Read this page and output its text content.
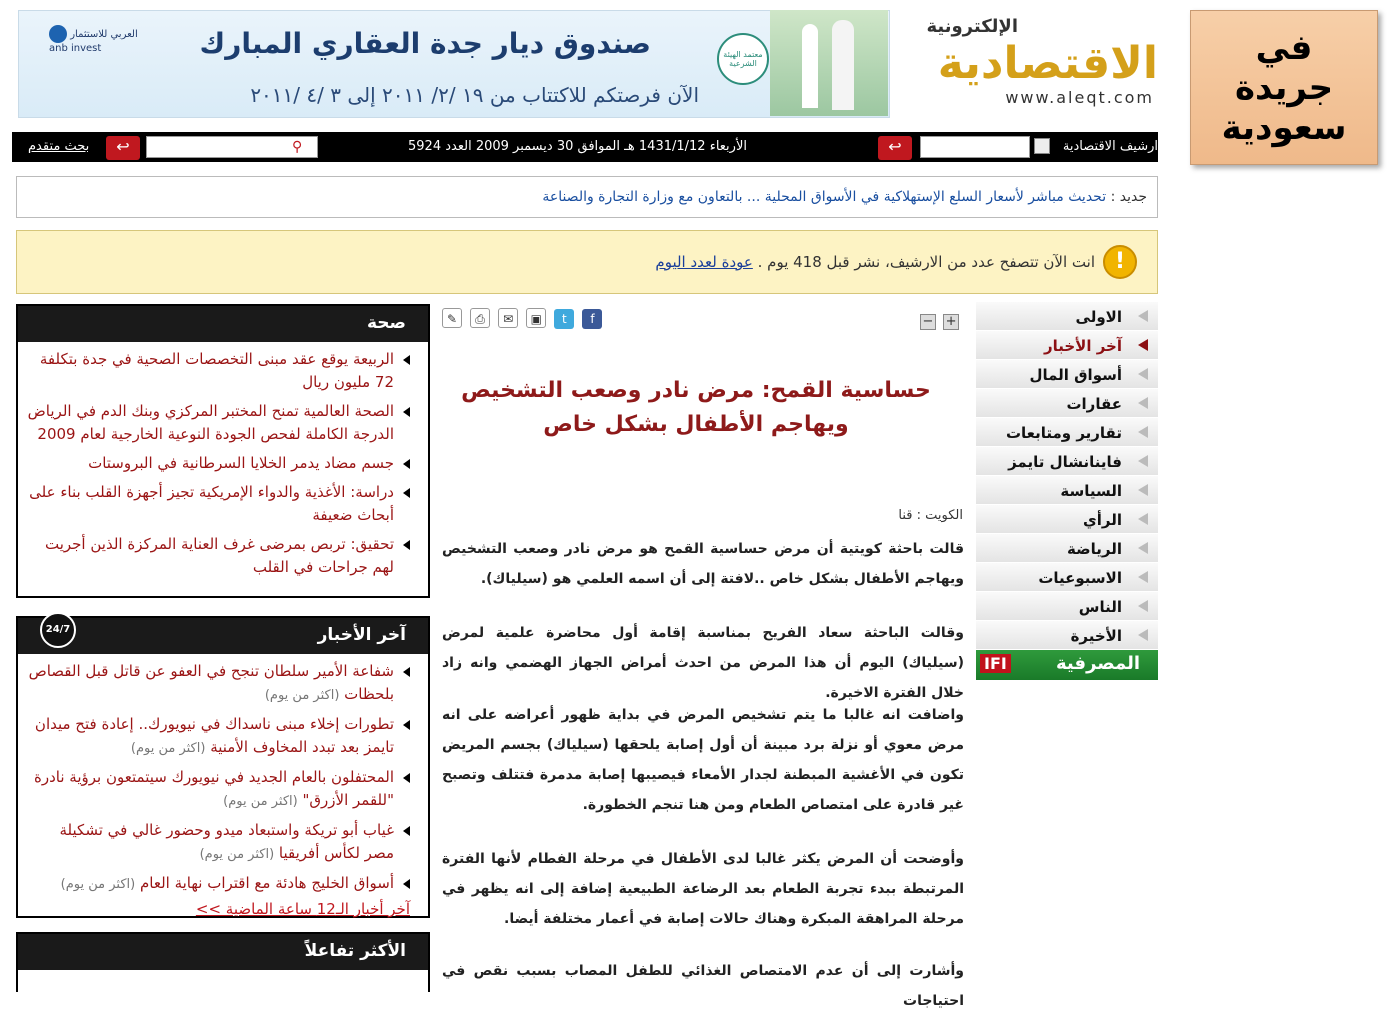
في
جريدة
سعودية
العربي للاستثمار
anb invest	صندوق ديار جدة العقاري المبارك
الآن فرصتكم للاكتتاب من ١٩ /٢/ ٢٠١١ إلى ٣ /٤ /٢٠١١
معتمد الهيئة الشرعية
الإلكترونية
الاقتصادية
www.aleqt.com
ارشيف الاقتصادية
↩
الأربعاء 1431/1/12 هـ الموافق 30 ديسمبر 2009 العدد 5924
⚲
↩
بحث متقدم
جديد : تحديث مباشر لأسعار السلع الإستهلاكية في الأسواق المحلية ... بالتعاون مع وزارة التجارة والصناعة
!
انت الآن تتصفح عدد من الارشيف، نشر قبل 418 يوم . عودة لعدد اليوم
الاولى
آخر الأخبار
أسواق المال
عقارات
تقارير ومتابعات
فاينانشال تايمز
السياسة
الرأي
الرياضة
الاسبوعيات
الناس
الأخيرة
المصرفية
IFI
✎ ⎙ ✉ ▣ t f	− +
حساسية القمح: مرض نادر وصعب التشخيص ويهاجم الأطفال بشكل خاص
الكويت : قنا
قالت باحثة كويتية أن مرض حساسية القمح هو مرض نادر وصعب التشخيص ويهاجم الأطفال بشكل خاص ..لافتة إلى أن اسمه العلمي هو (سيلياك).
وقالت الباحثة سعاد الفريح بمناسبة إقامة أول محاضرة علمية لمرض (سيلياك) اليوم أن هذا المرض من احدث أمراض الجهاز الهضمي وانه زاد خلال الفترة الاخيرة.
واضافت انه غالبا ما يتم تشخيص المرض في بداية ظهور أعراضه على انه مرض معوي أو نزلة برد مبينة أن أول إصابة يلحقها (سيلياك) بجسم المريض تكون في الأغشية المبطنة لجدار الأمعاء فيصيبها إصابة مدمرة فتتلف وتصبح غير قادرة على امتصاص الطعام ومن هنا تنجم الخطورة.
وأوضحت أن المرض يكثر غالبا لدى الأطفال في مرحلة الفطام لأنها الفترة المرتبطة ببدء تجربة الطعام بعد الرضاعة الطبيعية إضافة إلى انه يظهر في مرحلة المراهقة المبكرة وهناك حالات إصابة في أعمار مختلفة أيضا.
وأشارت إلى أن عدم الامتصاص الغذائي للطفل المصاب بسبب نقص في احتياجات
صحة
الربيعة يوقع عقد مبنى التخصصات الصحية في جدة بتكلفة 72 مليون ريال
الصحة العالمية تمنح المختبر المركزي وبنك الدم في الرياض الدرجة الكاملة لفحص الجودة النوعية الخارجية لعام 2009
جسم مضاد يدمر الخلايا السرطانية في البروستات
دراسة: الأغذية والدواء الإمريكية تجيز أجهزة القلب بناء على أبحاث ضعيفة
تحقيق: تربص بمرضى غرف العناية المركزة الذين أجريت لهم جراحات في القلب
آخر الأخبار
24/7
شفاعة الأمير سلطان تنجح في العفو عن قاتل قبل القصاص بلحظات (اكثر من يوم)
تطورات إخلاء مبنى ناسداك في نيويورك.. إعادة فتح ميدان تايمز بعد تبدد المخاوف الأمنية (اكثر من يوم)
المحتفلون بالعام الجديد في نيويورك سيتمتعون برؤية نادرة "للقمر الأزرق" (اكثر من يوم)
غياب أبو تريكة واستبعاد ميدو وحضور غالي في تشكيلة مصر لكأس أفريقيا (اكثر من يوم)
أسواق الخليج هادئة مع اقتراب نهاية العام (اكثر من يوم)
آخر أخبار الـ12 ساعة الماضية >>
الأكثر تفاعلاً
